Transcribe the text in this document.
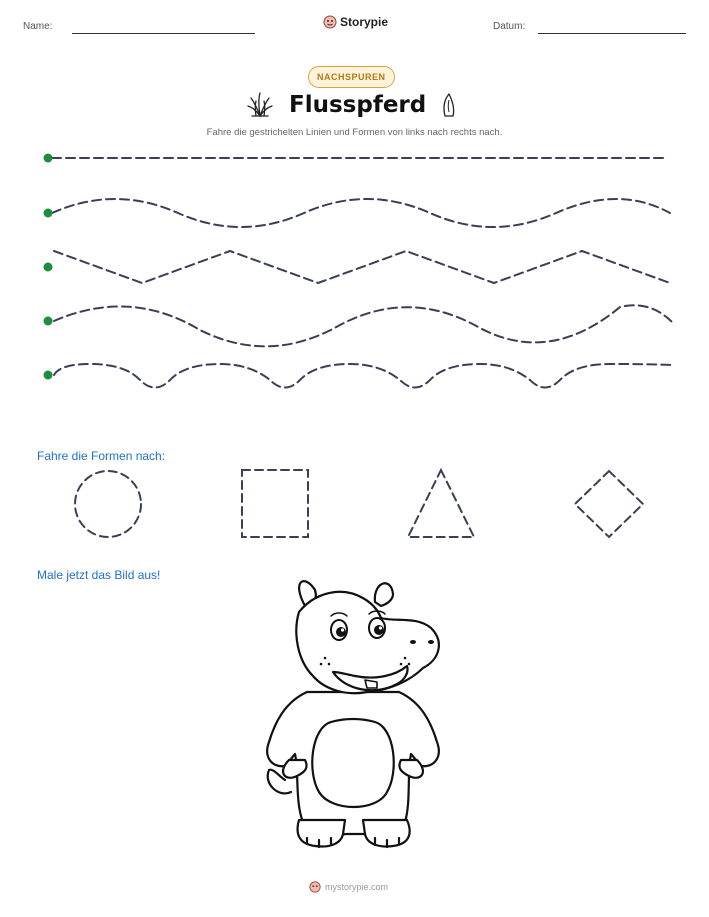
Name:	Storypie	Datum:
NACHSPUREN
Flusspferd
Fahre die gestrichelten Linien und Formen von links nach rechts nach.
Fahre die Formen nach:
Male jetzt das Bild aus!
mystorypie.com
